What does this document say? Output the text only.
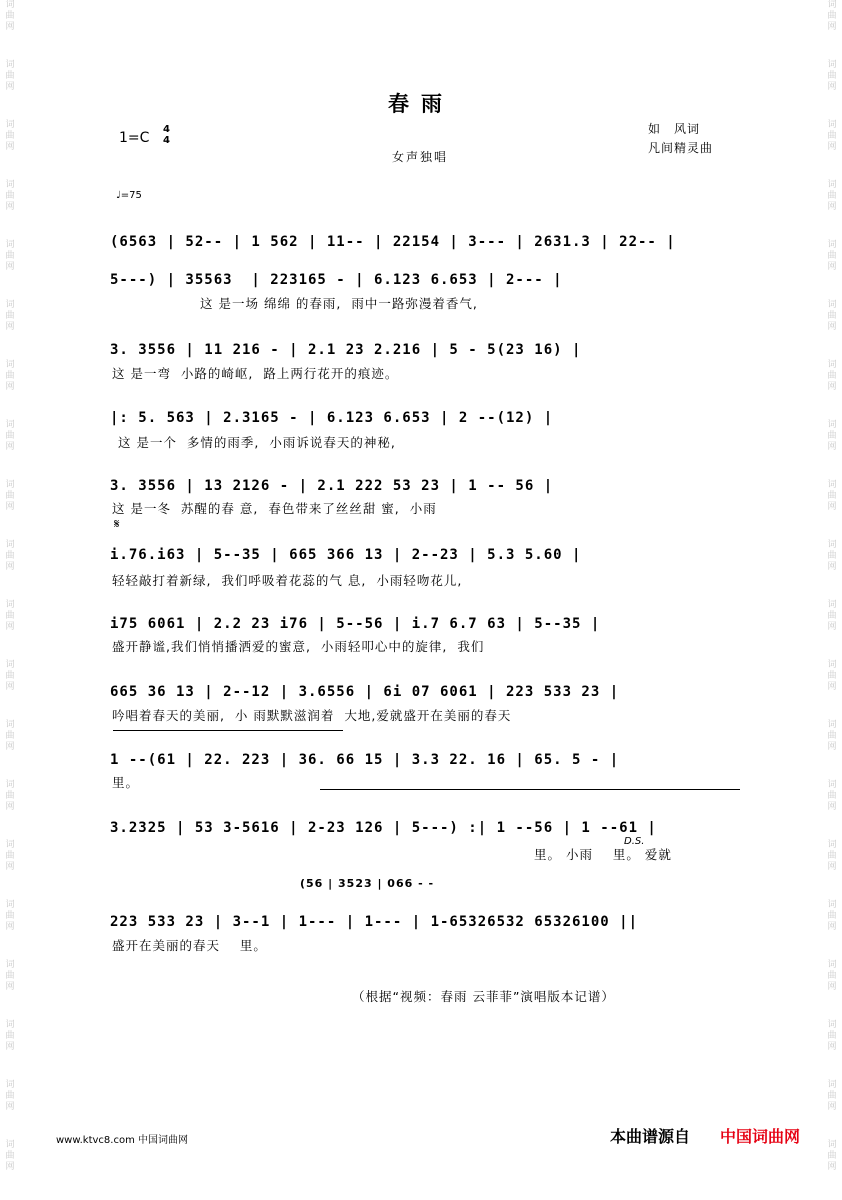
词曲网
词曲网
词曲网
词曲网
词曲网
词曲网
词曲网
词曲网
词曲网
词曲网
词曲网
词曲网
词曲网
词曲网
词曲网
词曲网
词曲网
词曲网
词曲网
词曲网
词曲网
词曲网
词曲网
词曲网
词曲网
词曲网
词曲网
词曲网
词曲网
词曲网
词曲网
词曲网
词曲网
词曲网
词曲网
词曲网
词曲网
词曲网
词曲网
词曲网
春雨
1=C
4
4
女声独唱
如　风词
凡间精灵曲
♩=75
(6563 | 52-- | 1 562 | 11-- | 22154 | 3--- | 2631.3 | 22-- |
5---) | 35563  | 223165 - | 6.123 6.653 | 2--- |
这 是一场 绵绵 的春雨,  雨中一路弥漫着香气,
3. 3556 | 11 216 - | 2.1 23 2.216 | 5 - 5(23 16) |
这 是一弯  小路的崎岖,  路上两行花开的痕迹。
|: 5. 563 | 2.3165 - | 6.123 6.653 | 2 --(12) |
这 是一个  多情的雨季,  小雨诉说春天的神秘,
3. 3556 | 13 2126 - | 2.1 222 53 23 | 1 -- 56 |
这 是一冬  苏醒的春 意,  春色带来了丝丝甜 蜜,  小雨
𝄋
i.76.i63 | 5--35 | 665 366 13 | 2--23 | 5.3 5.60 |
轻轻敲打着新绿,  我们呼吸着花蕊的气 息,  小雨轻吻花儿,
i75 6061 | 2.2 23 i76 | 5--56 | i.7 6.7 63 | 5--35 |
盛开静谧,我们悄悄播洒爱的蜜意,  小雨轻叩心中的旋律,  我们
665 36 13 | 2--12 | 3.6556 | 6i 07 6061 | 223 533 23 |
吟唱着春天的美丽,  小 雨默默滋润着  大地,爱就盛开在美丽的春天
1 --(61 | 22. 223 | 36. 66 15 | 3.3 22. 16 | 65. 5 - |
里。
3.2325 | 53 3-5616 | 2-23 126 | 5---) :| 1 --56 | 1 --61 |
里。 小雨    里。 爱就
D.S.
(56 | 3523 | 066 - -
223 533 23 | 3--1 | 1--- | 1--- | 1-65326532 65326100 ||
盛开在美丽的春天    里。
（根据“视频：春雨 云菲菲”演唱版本记谱）
www.ktvc8.com 中国词曲网	本曲谱源自 中国词曲网
